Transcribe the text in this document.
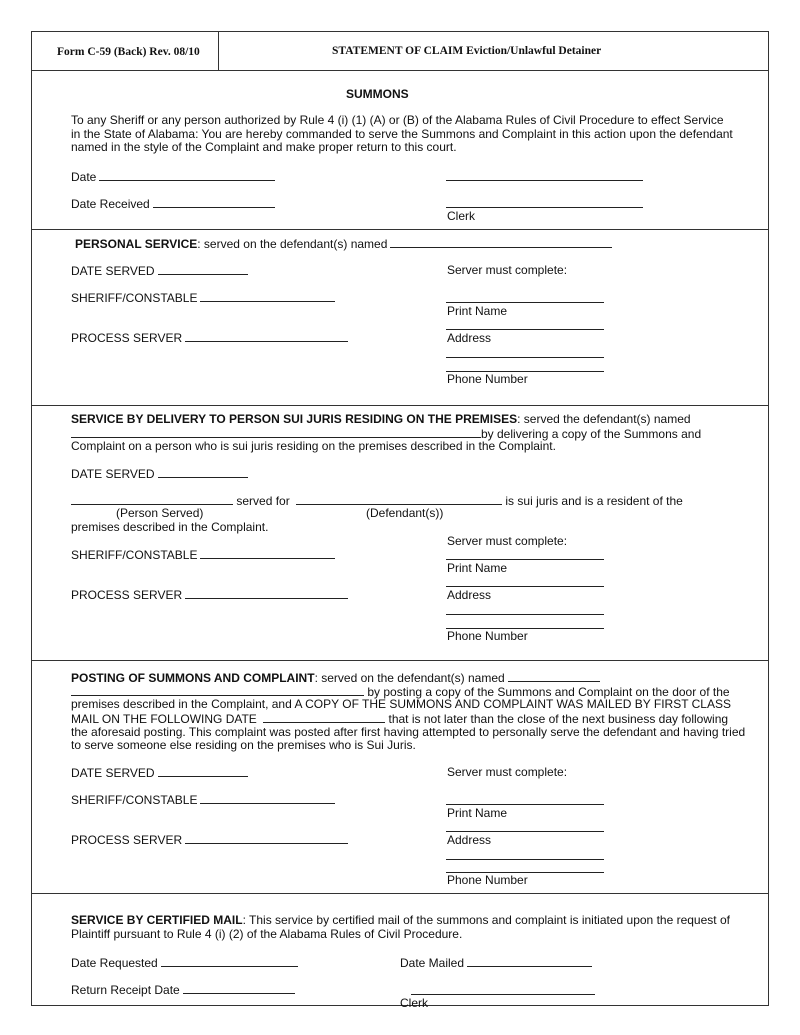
Form C-59 (Back) Rev. 08/10	STATEMENT OF CLAIM Eviction/Unlawful Detainer
SUMMONS
To any Sheriff or any person authorized by Rule 4 (i) (1) (A) or (B) of the Alabama Rules of Civil Procedure to effect Service in the State of Alabama: You are hereby commanded to serve the Summons and Complaint in this action upon the defendant named in the style of the Complaint and make proper return to this court.
Date
Date Received
Clerk
PERSONAL SERVICE: served on the defendant(s) named
DATE SERVED	Server must complete:
SHERIFF/CONSTABLE
Print Name
PROCESS SERVER	Address
Phone Number
SERVICE BY DELIVERY TO PERSON SUI JURIS RESIDING ON THE PREMISES: served the defendant(s) named
by delivering a copy of the Summons and
Complaint on a person who is sui juris residing on the premises described in the Complaint.
DATE SERVED
served for	is sui juris and is a resident of the
(Person Served)	(Defendant(s))
premises described in the Complaint.
Server must complete:
SHERIFF/CONSTABLE
Print Name
PROCESS SERVER	Address
Phone Number
POSTING OF SUMMONS AND COMPLAINT: served on the defendant(s) named
by posting a copy of the Summons and Complaint on the door of the
premises described in the Complaint, and A COPY OF THE SUMMONS AND COMPLAINT WAS MAILED BY FIRST CLASS
MAIL ON THE FOLLOWING DATE	that is not later than the close of the next business day following
the aforesaid posting. This complaint was posted after first having attempted to personally serve the defendant and having tried
to serve someone else residing on the premises who is Sui Juris.
DATE SERVED	Server must complete:
SHERIFF/CONSTABLE
Print Name
PROCESS SERVER	Address
Phone Number
SERVICE BY CERTIFIED MAIL: This service by certified mail of the summons and complaint is initiated upon the request of
Plaintiff pursuant to Rule 4 (i) (2) of the Alabama Rules of Civil Procedure.
Date Requested	Date Mailed
Return Receipt Date
Clerk
